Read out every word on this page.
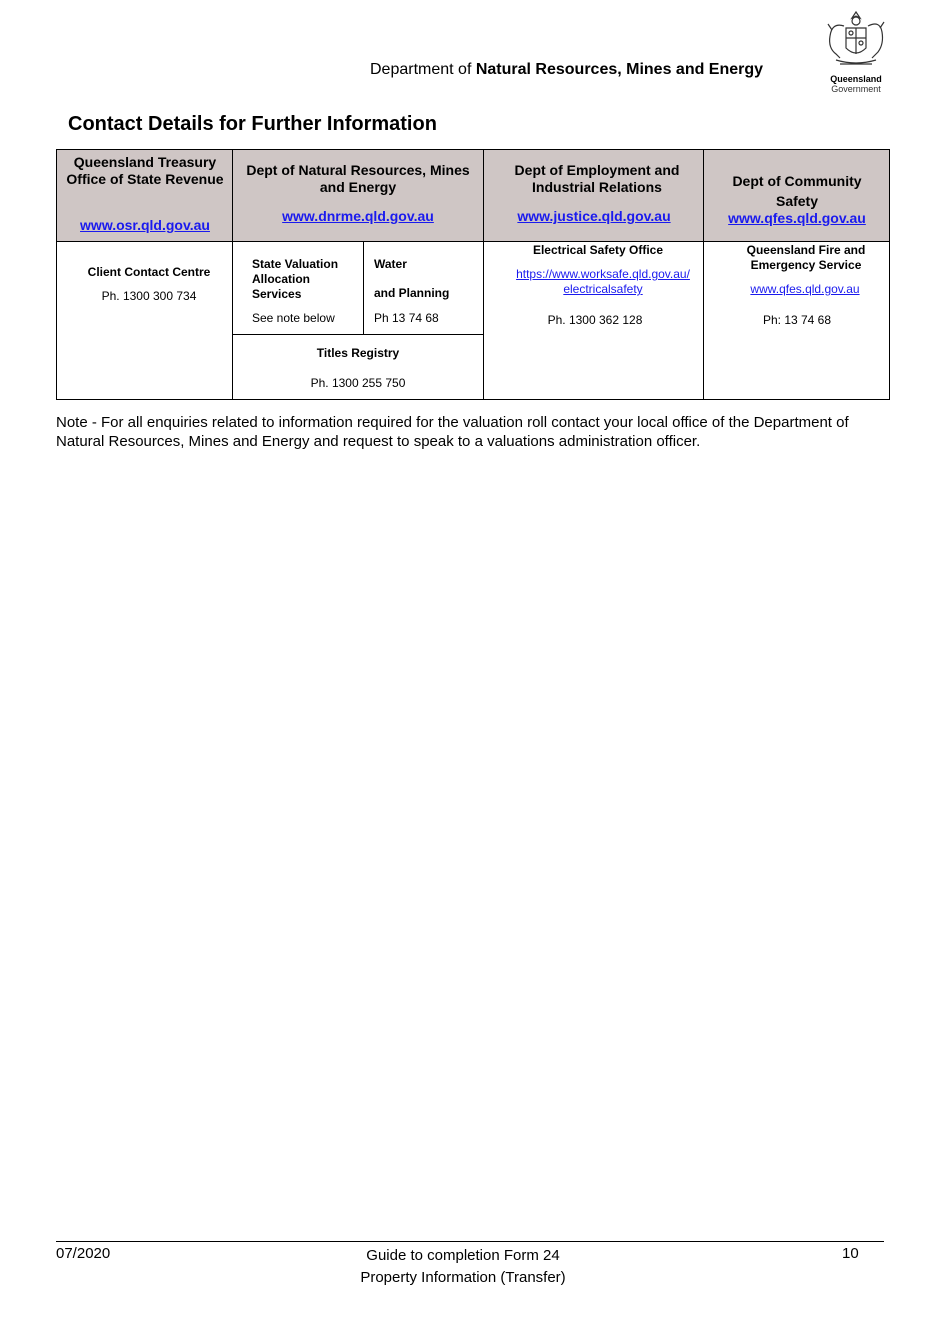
Department of Natural Resources, Mines and Energy
Queensland
Government
Contact Details for Further Information
Queensland Treasury Office of State Revenue
www.osr.qld.gov.au
Dept of Natural Resources, Mines and Energy
www.dnrme.qld.gov.au
Dept of Employment and Industrial Relations
www.justice.qld.gov.au
Dept of Community Safety
www.qfes.qld.gov.au
Client Contact Centre
Ph. 1300 300 734
State Valuation Allocation Services
See note below
Water
and Planning
Ph 13 74 68
Titles Registry
Ph. 1300 255 750
Electrical Safety Office
https://www.worksafe.qld.gov.au/
electricalsafety
Ph. 1300 362 128
Queensland Fire and Emergency Service
www.qfes.qld.gov.au
Ph: 13 74 68
Note - For all enquiries related to information required for the valuation roll contact your local office of the Department of Natural Resources, Mines and Energy and request to speak to a valuations administration officer.
07/2020	Guide to completion Form 24
Property Information (Transfer)
10
